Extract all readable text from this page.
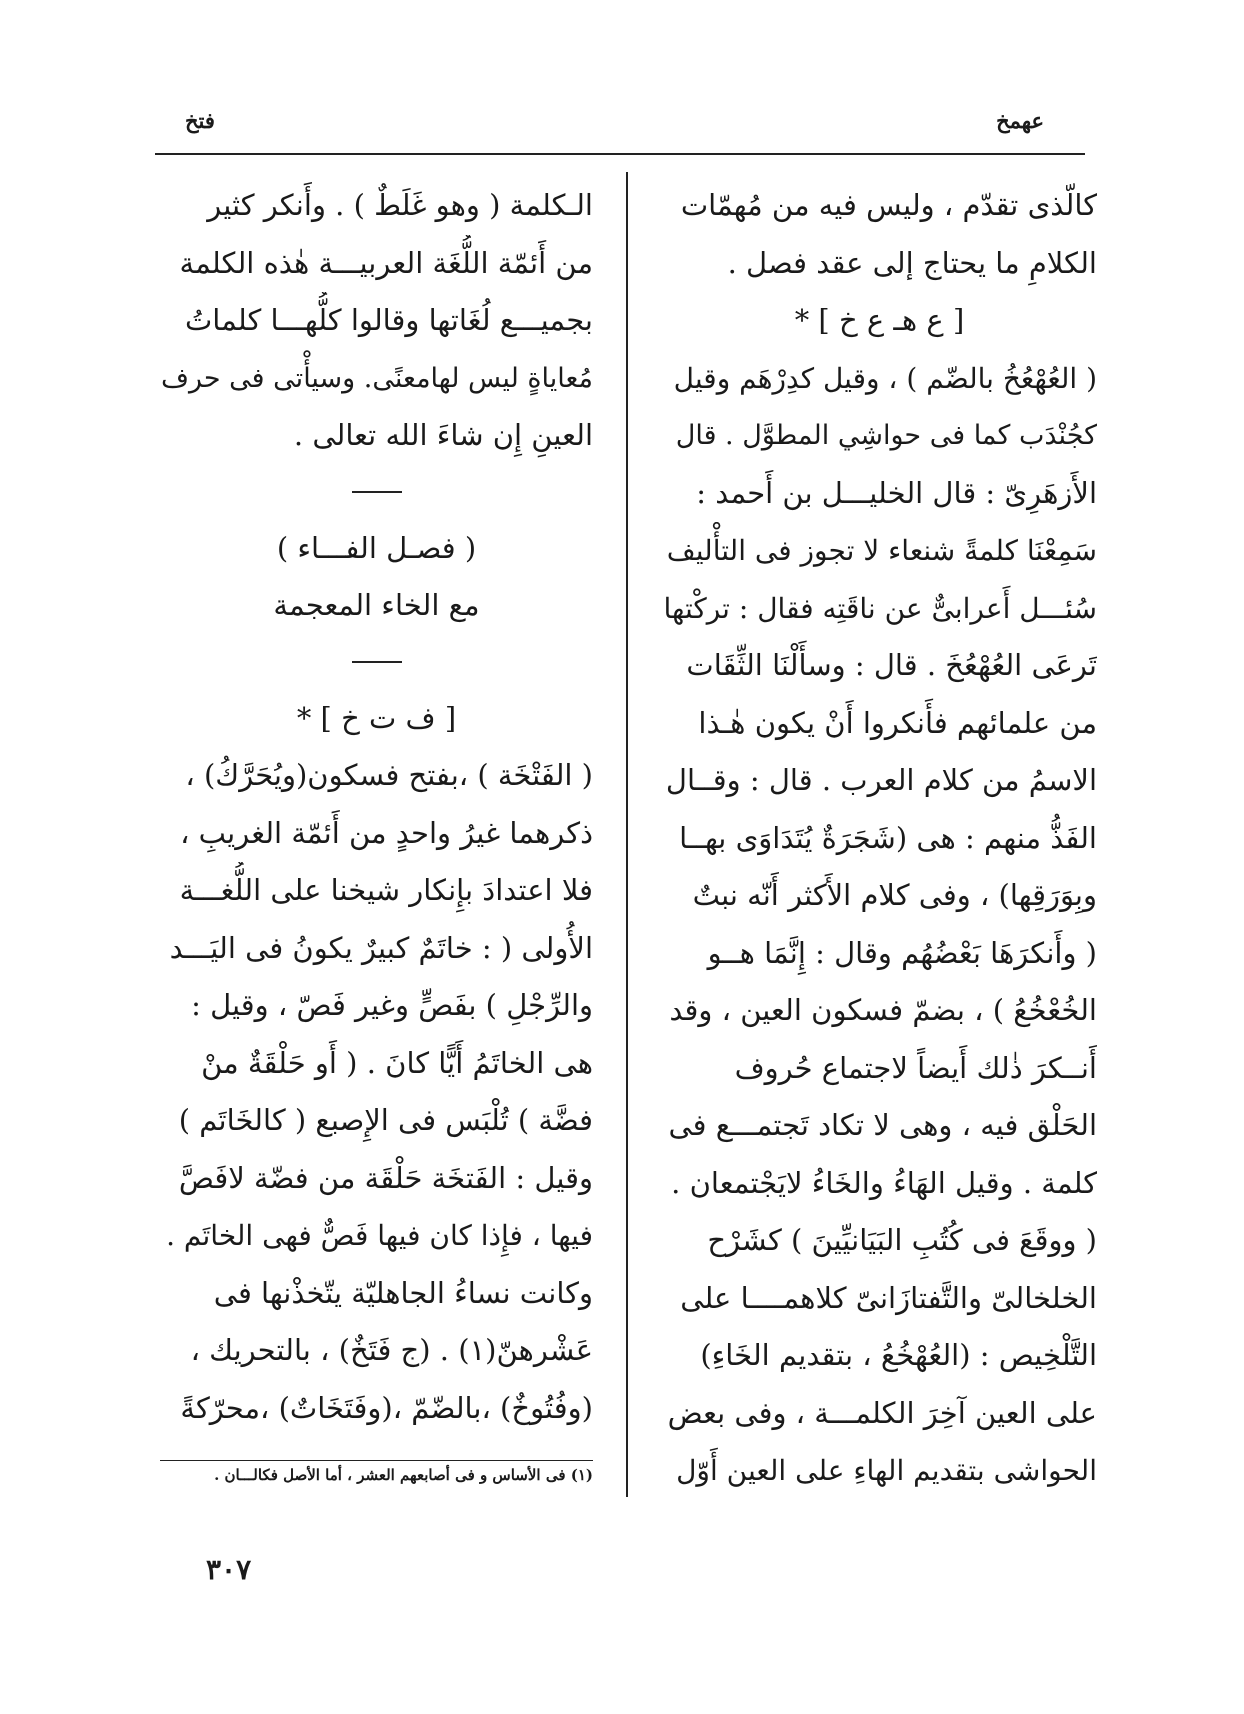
عهمخ
فتخ
كالّذى تقدّم ، وليس فيه من مُهمّات
الكلامِ ما يحتاج إلى عقد فصل .
[ ع هـ ع خ ] *
( العُهْعُخُ بالضّم ) ، وقيل كدِرْهَم وقيل
كجُنْدَب كما فى حواشِي المطوَّل . قال
الأَزهَرِىّ : قال الخليـــل بن أَحمد :
سَمِعْنَا كلمةً شنعاء لا تجوز فى التأْليف
سُئـــل أَعرابىٌّ عن ناقَتِه فقال : تركْتها
تَرعَى العُهْعُخَ . قال : وسأَلْنَا الثِّقَات
من علمائهم فأَنكروا أَنْ يكون هٰـذا
الاسمُ من كلام العرب . قال : وقــال
الفَذُّ منهم : هى (شَجَرَةٌ يُتَدَاوَى بهــا
وبِوَرَقِها) ، وفى كلام الأَكثر أَنّه نبتٌ
( وأَنكرَهَا بَعْضُهُم وقال : إِنَّمَا هــو
الخُعْخُعُ ) ، بضمّ فسكون العين ، وقد
أَنــكرَ ذٰلك أَيضاً لاجتماع حُروف
الحَلْق فيه ، وهى لا تكاد تَجتمـــع فى
كلمة . وقيل الهَاءُ والخَاءُ لايَجْتمعان .
( ووقَعَ فى كُتُبِ البَيَانيِّينَ ) كشَرْح
الخلخالىّ والتَّفتازَانىّ كلاهمــــا على
التَّلْخِيص : (العُهْخُعُ ، بتقديم الخَاءِ)
على العين آخِرَ الكلمـــة ، وفى بعض
الحواشى بتقديم الهاءِ على العين أَوّل
الـكلمة ( وهو غَلَطٌ ) . وأَنكر كثير
من أَئمّة اللُّغَة العربيـــة هٰذه الكلمة
بجميـــع لُغَاتها وقالوا كلُّهـــا كلماتُ
مُعاياةٍ ليس لهامعنًى. وسيأْتى فى حرف
العينِ إِن شاءَ الله تعالى .
( فصـل الفـــاء )
مع الخاء المعجمة
[ ف ت خ ] *
( الفَتْخَة ) ،بفتح فسكون(ويُحَرَّكُ) ،
ذكرهما غيرُ واحدٍ من أَئمّة الغريبِ ،
فلا اعتدادَ بإِنكار شيخنا على اللُّغـــة
الأُولى ( : خاتَمٌ كبيرٌ يكونُ فى اليَـــد
والرِّجْلِ ) بفَصٍّ وغير فَصّ ، وقيل :
هى الخاتَمُ أَيًّا كانَ . ( أَو حَلْقَةٌ منْ
فضَّة ) تُلْبَس فى الإِصبع ( كالخَاتَم )
وقيل : الفَتخَة حَلْقَة من فضّة لافَصَّ
فيها ، فإِذا كان فيها فَصٌّ فهى الخاتَم .
وكانت نساءُ الجاهليّة يتّخذْنها فى
عَشْرهنّ(١) . (ج فَتَخٌ) ، بالتحريك ،
(وفُتُوخٌ) ،بالضّمّ ،(وفَتَخَاتٌ) ،محرّكةً
(١) فى الأساس و فى أصابعهم العشر ، أما الأصل فكالـــان .
٣٠٧
